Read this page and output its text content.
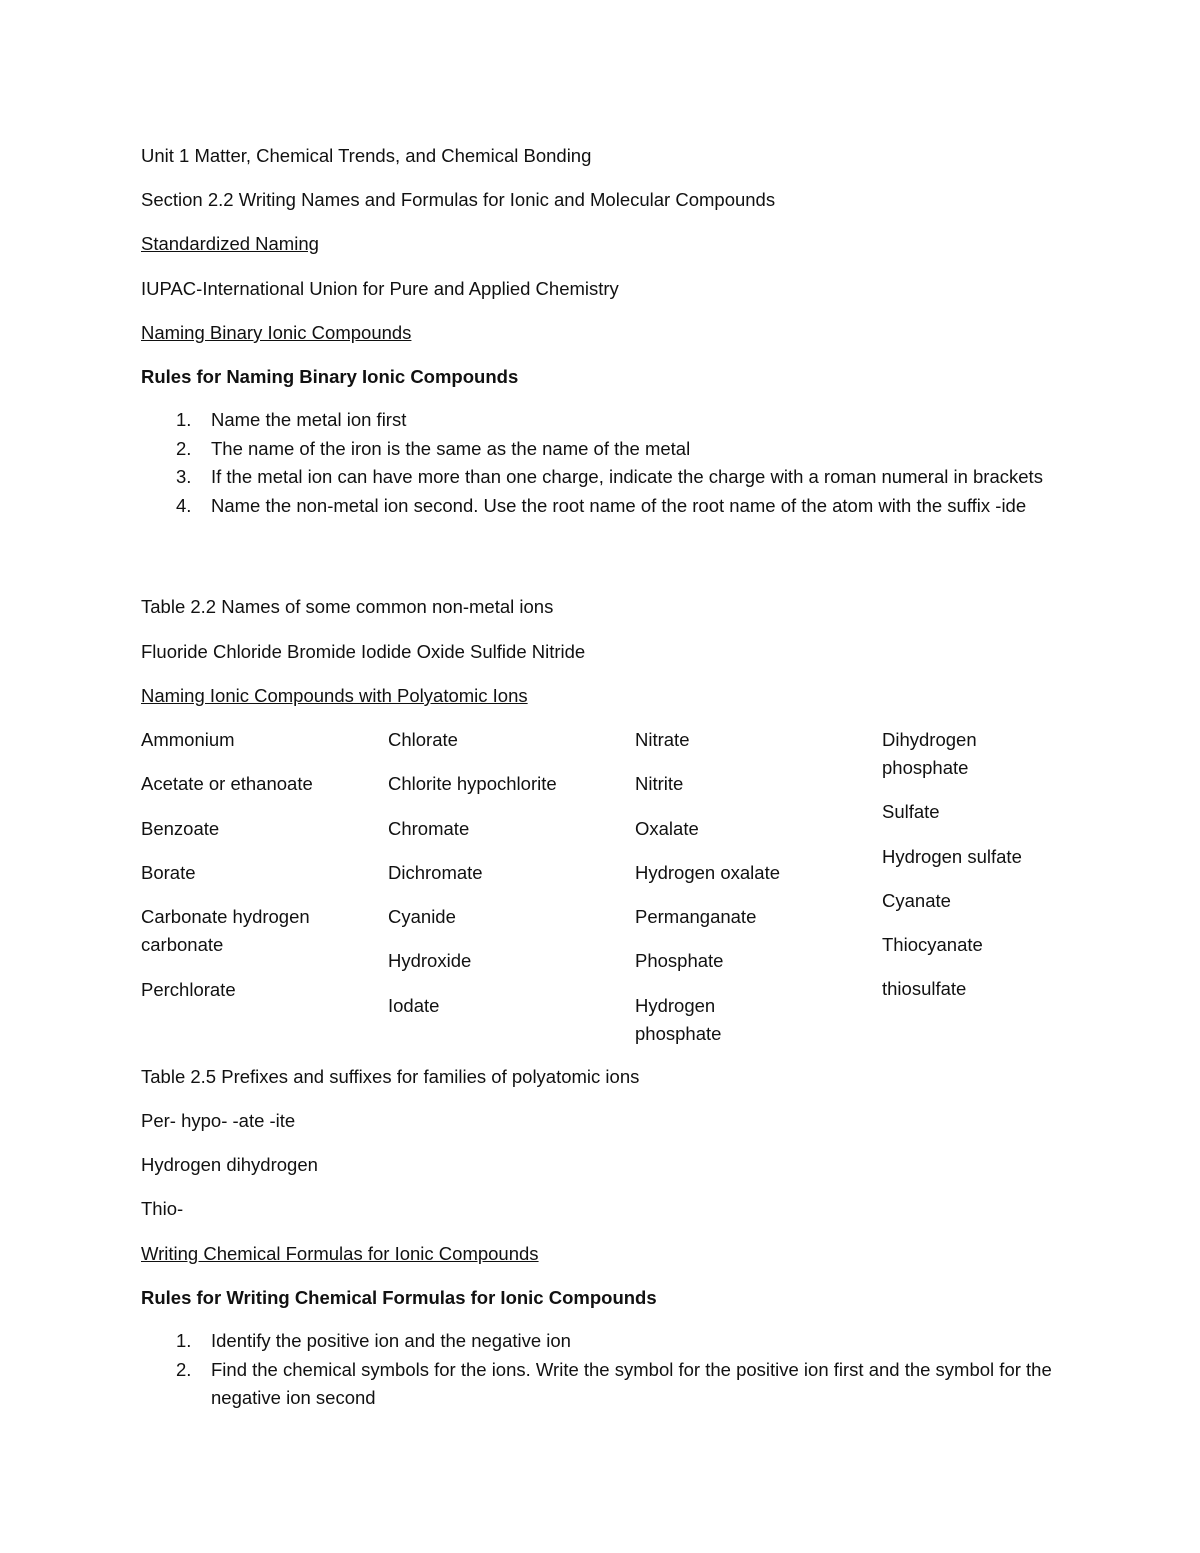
Unit 1 Matter, Chemical Trends, and Chemical Bonding

Section 2.2 Writing Names and Formulas for Ionic and Molecular Compounds

Standardized Naming

IUPAC-International Union for Pure and Applied Chemistry

Naming Binary Ionic Compounds

Rules for Naming Binary Ionic Compounds

1. Name the metal ion first
2. The name of the iron is the same as the name of the metal
3. If the metal ion can have more than one charge, indicate the charge with a roman numeral in brackets
4. Name the non-metal ion second. Use the root name of the root name of the atom with the suffix -ide

Table 2.2 Names of some common non-metal ions

Fluoride Chloride Bromide Iodide Oxide Sulfide Nitride

Naming Ionic Compounds with Polyatomic Ions

Ammonium

Acetate or ethanoate

Benzoate

Borate

Carbonate hydrogen carbonate

Perchlorate

Chlorate

Chlorite hypochlorite

Chromate

Dichromate

Cyanide

Hydroxide

Iodate

Nitrate

Nitrite

Oxalate

Hydrogen oxalate

Permanganate

Phosphate

Hydrogen phosphate

Dihydrogen phosphate

Sulfate

Hydrogen sulfate

Cyanate

Thiocyanate

thiosulfate

Table 2.5 Prefixes and suffixes for families of polyatomic ions

Per- hypo- -ate -ite

Hydrogen dihydrogen

Thio-

Writing Chemical Formulas for Ionic Compounds

Rules for Writing Chemical Formulas for Ionic Compounds

1. Identify the positive ion and the negative ion
2. Find the chemical symbols for the ions. Write the symbol for the positive ion first and the symbol for the negative ion second
